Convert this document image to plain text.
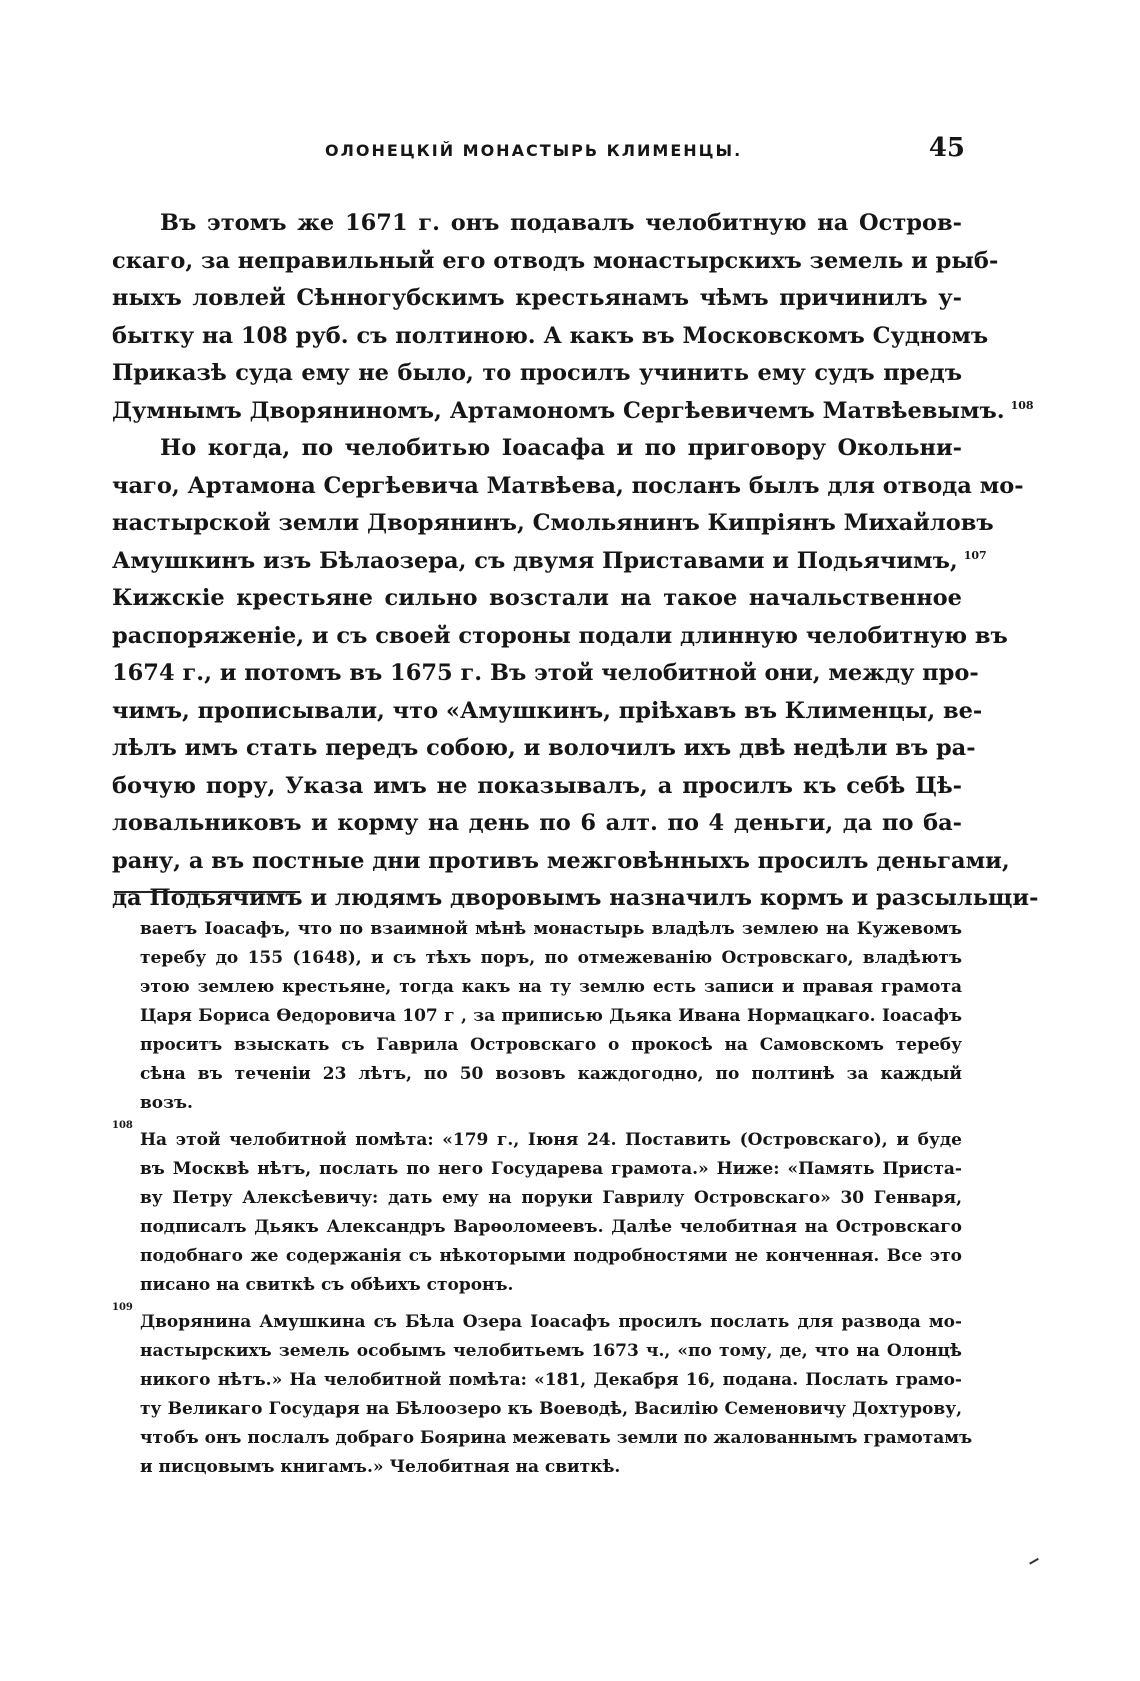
ОЛОНЕЦКІЙ МОНАСТЫРЬ КЛИМЕНЦЫ.	45
Въ этомъ же 1671 г. онъ подавалъ челобитную на Остров-
скаго, за неправильный его отводъ монастырскихъ земель и рыб-
ныхъ ловлей Сѣнногубскимъ крестьянамъ чѣмъ причинилъ у-
бытку на 108 руб. съ полтиною. А какъ въ Московскомъ Судномъ
Приказѣ суда ему не было, то просилъ учинить ему судъ предъ
Думнымъ Дворяниномъ, Артамономъ Сергѣевичемъ Матвѣевымъ. $^{108}$
Но когда, по челобитью Іоасафа и по приговору Окольни-
чаго, Артамона Сергѣевича Матвѣева, посланъ былъ для отвода мо-
настырской земли Дворянинъ, Смольянинъ Кипріянъ Михайловъ
Амушкинъ изъ Бѣлаозера, съ двумя Приставами и Подьячимъ, $^{107}$
Кижскіе крестьяне сильно возстали на такое начальственное
распоряженіе, и съ своей стороны подали длинную челобитную въ
1674 г., и потомъ въ 1675 г. Въ этой челобитной они, между про-
чимъ, прописывали, что «Амушкинъ, пріѣхавъ въ Клименцы, ве-
лѣлъ имъ стать передъ собою, и волочилъ ихъ двѣ недѣли въ ра-
бочую пору, Указа имъ не показывалъ, а просилъ къ себѣ Цѣ-
ловальниковъ и корму на день по 6 алт. по 4 деньги, да по ба-
рану, а въ постные дни противъ межговѣнныхъ просилъ деньгами,
да Подьячимъ и людямъ дворовымъ назначилъ кормъ и разсыльщи-
ваетъ Іоасафъ, что по взаимной мѣнѣ монастырь владѣлъ землею на Кужевомъ
теребу до 155 (1648), и съ тѣхъ поръ, по отмежеванію Островскаго, владѣютъ
этою землею крестьяне, тогда какъ на ту землю есть записи и правая грамота
Царя Бориса Ѳедоровича 107 г , за приписью Дьяка Ивана Нормацкаго. Іоасафъ
проситъ взыскать съ Гаврила Островскаго о прокосѣ на Самовскомъ теребу
сѣна въ теченіи 23 лѣтъ, по 50 возовъ каждогодно, по полтинѣ за каждый
возъ.
108
На этой челобитной помѣта: «179 г., Іюня 24. Поставить (Островскаго), и буде
въ Москвѣ нѣтъ, послать по него Государева грамота.» Ниже: «Память Приста-
ву Петру Алексѣевичу: дать ему на поруки Гаврилу Островскаго» 30 Генваря,
подписалъ Дьякъ Александръ Варѳоломеевъ. Далѣе челобитная на Островскаго
подобнаго же содержанія съ нѣкоторыми подробностями не конченная. Все это
писано на свиткѣ съ обѣихъ сторонъ.
109
Дворянина Амушкина съ Бѣла Озера Іоасафъ просилъ послать для развода мо-
настырскихъ земель особымъ челобитьемъ 1673 ч., «по тому, де, что на Олонцѣ
никого нѣтъ.» На челобитной помѣта: «181, Декабря 16, подана. Послать грамо-
ту Великаго Государя на Бѣлоозеро къ Воеводѣ, Василію Семеновичу Дохтурову,
чтобъ онъ послалъ добраго Боярина межевать земли по жалованнымъ грамотамъ
и писцовымъ книгамъ.» Челобитная на свиткѣ.
